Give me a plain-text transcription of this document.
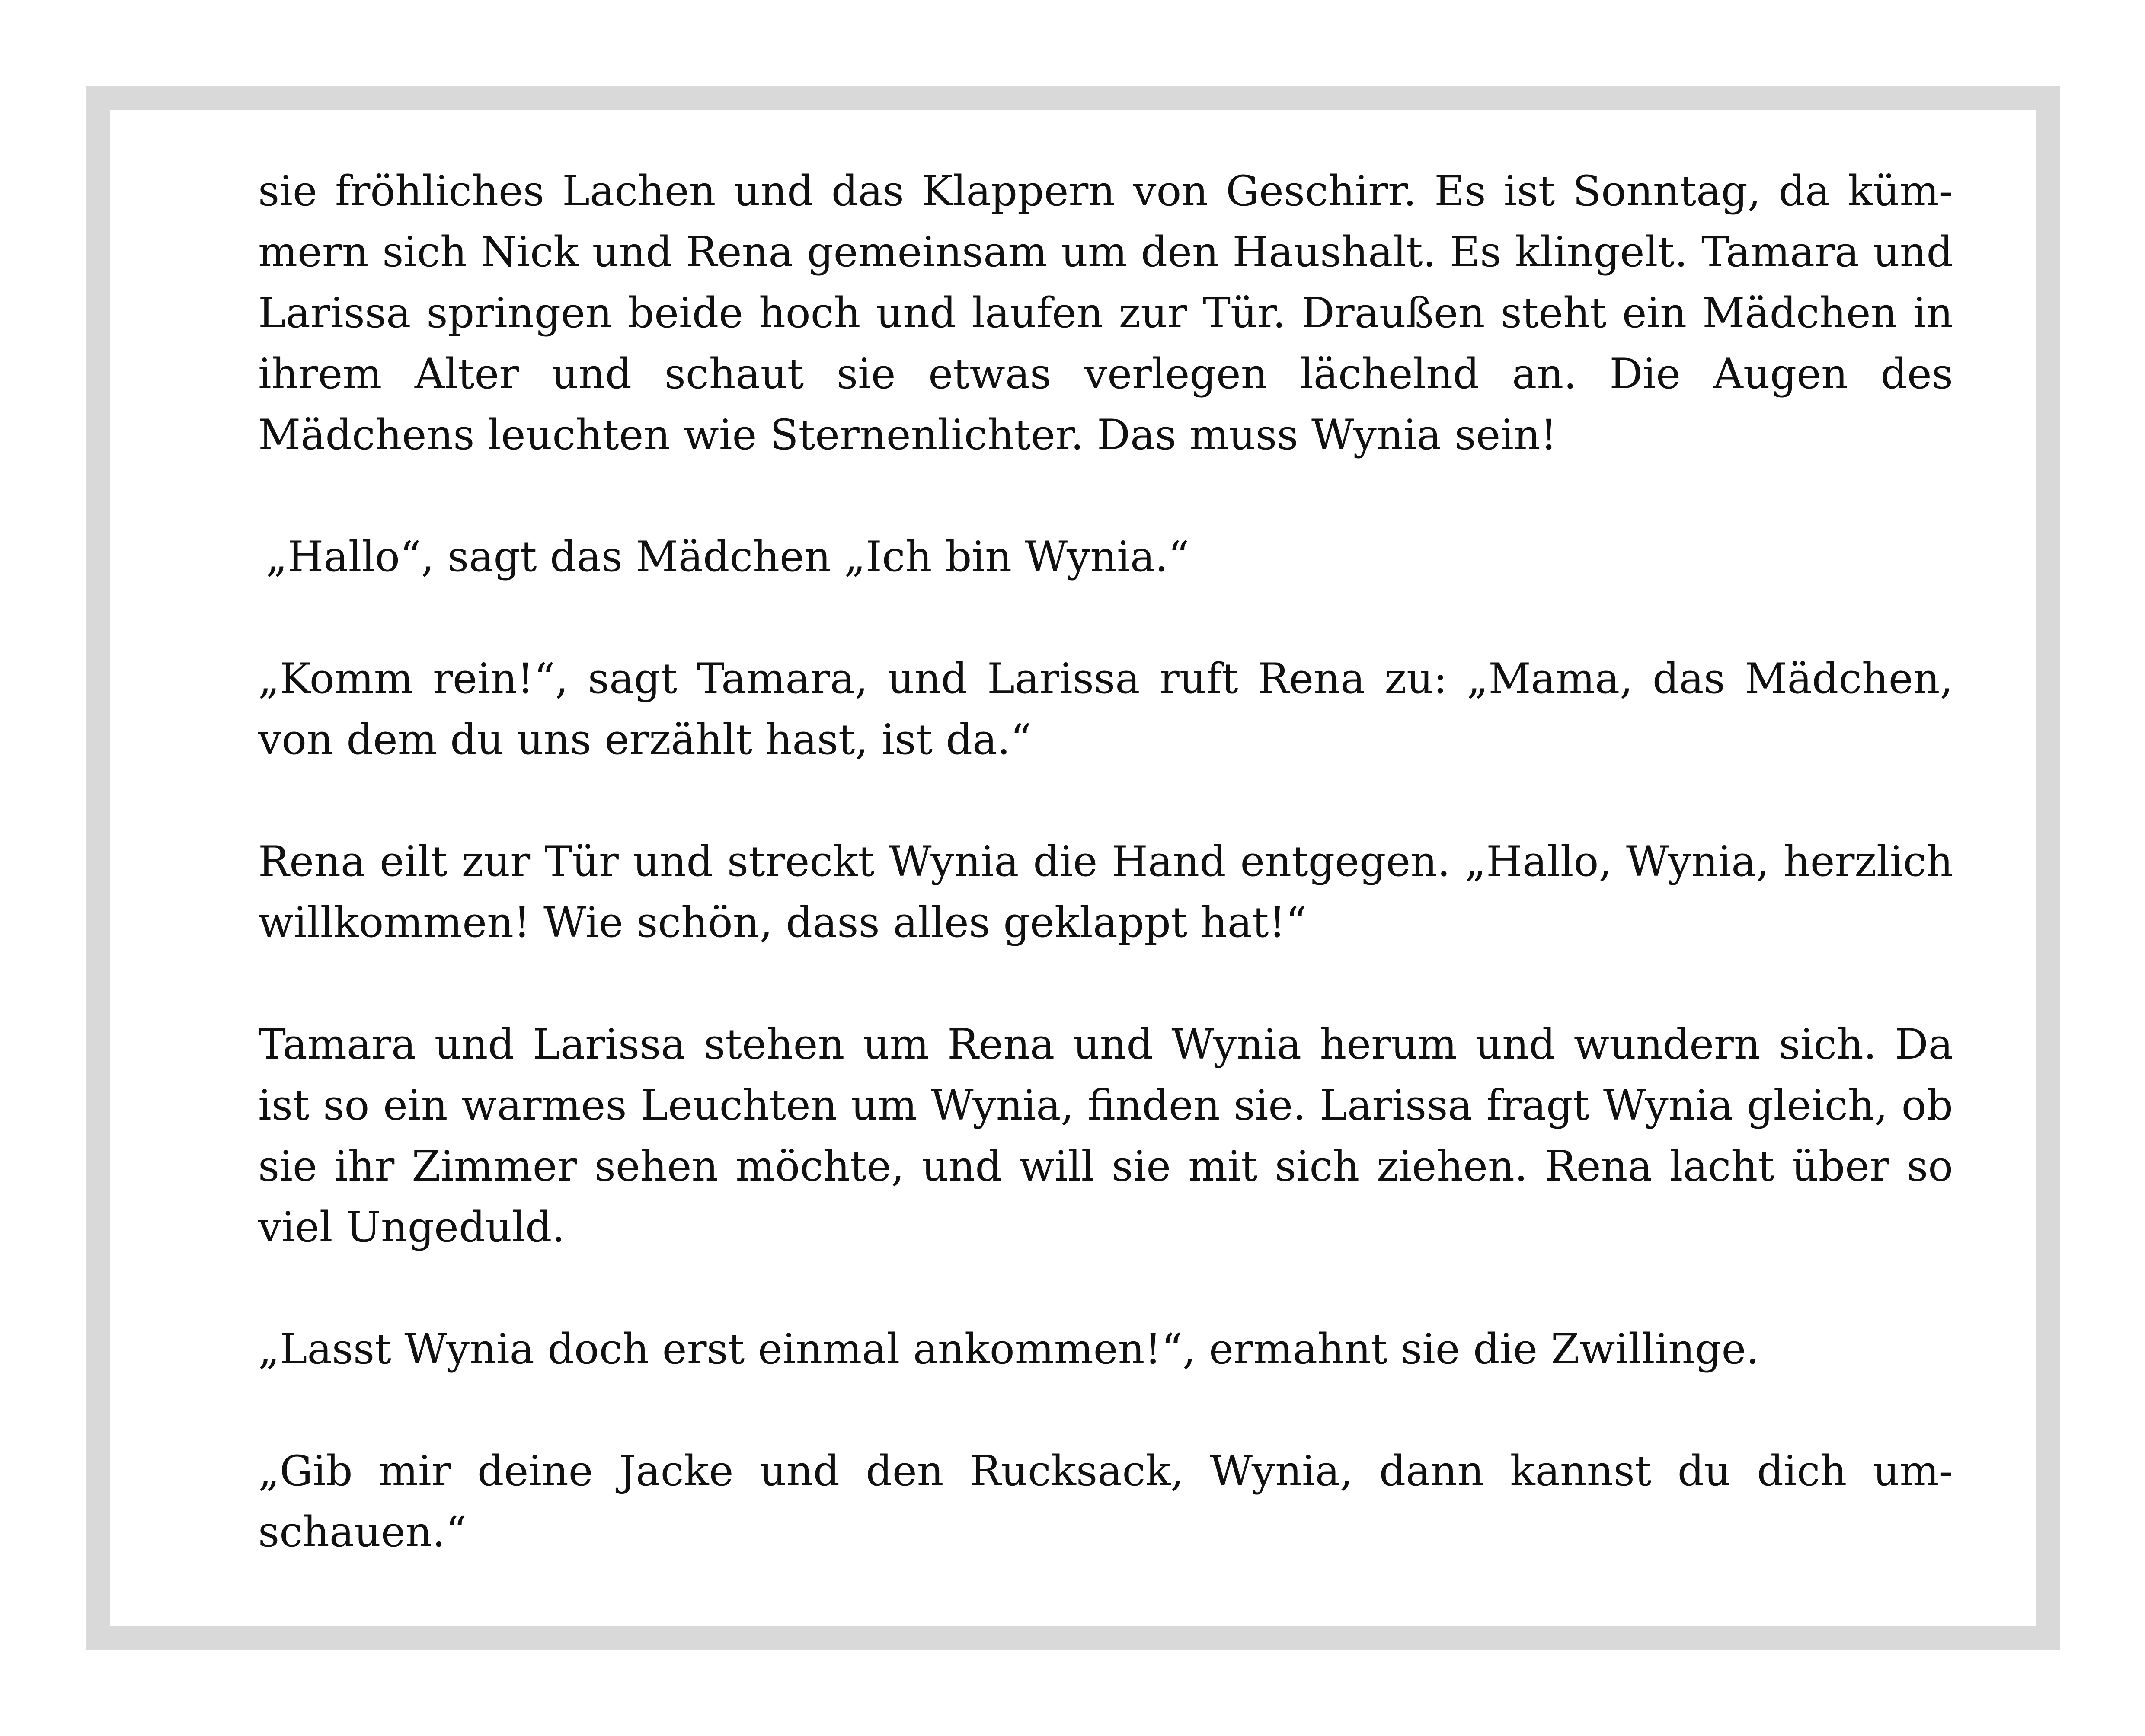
sie fröhliches Lachen und das Klappern von Geschirr. Es ist Sonntag, da küm-mern sich Nick und Rena gemeinsam um den Haushalt. Es klingelt. Tamara und Larissa springen beide hoch und laufen zur Tür. Draußen steht ein Mädchen in ihrem Alter und schaut sie etwas verlegen lächelnd an. Die Augen des Mädchens leuchten wie Sternenlichter. Das muss Wynia sein!

„Hallo“, sagt das Mädchen „Ich bin Wynia.“

„Komm rein!“, sagt Tamara, und Larissa ruft Rena zu: „Mama, das Mädchen, von dem du uns erzählt hast, ist da.“

Rena eilt zur Tür und streckt Wynia die Hand entgegen. „Hallo, Wynia, herzlich willkommen! Wie schön, dass alles geklappt hat!“

Tamara und Larissa stehen um Rena und Wynia herum und wundern sich. Da ist so ein warmes Leuchten um Wynia, finden sie. Larissa fragt Wynia gleich, ob sie ihr Zimmer sehen möchte, und will sie mit sich ziehen. Rena lacht über so viel Ungeduld.

„Lasst Wynia doch erst einmal ankommen!“, ermahnt sie die Zwillinge.

„Gib mir deine Jacke und den Rucksack, Wynia, dann kannst du dich um-schauen.“
